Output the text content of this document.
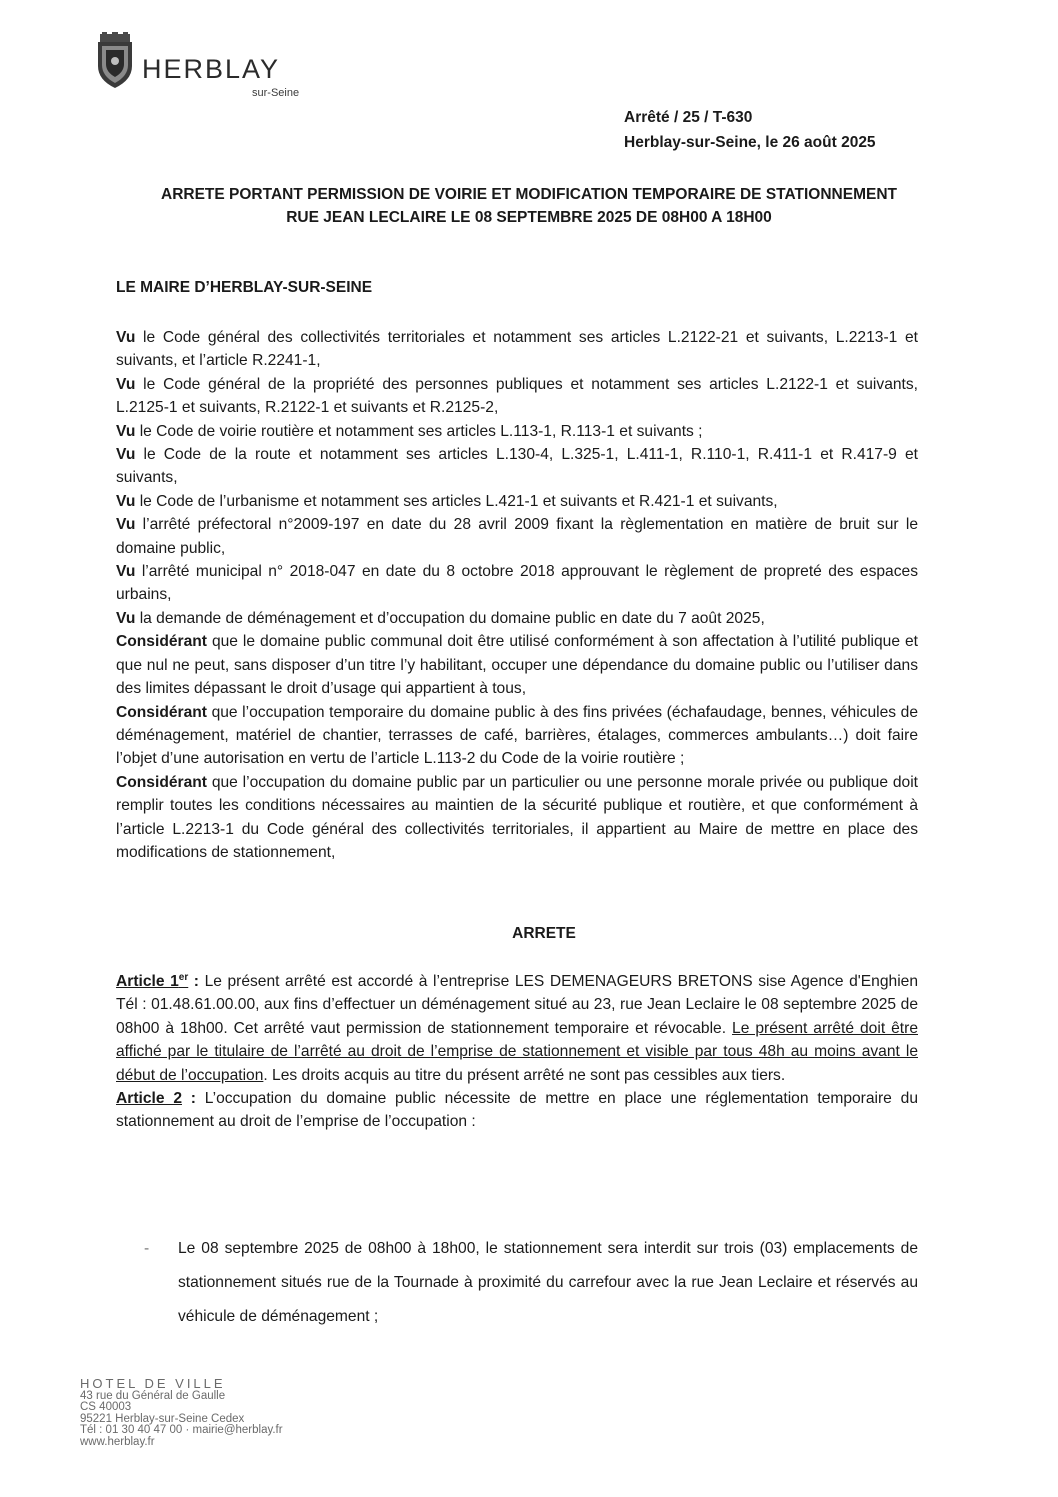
HERBLAY
sur-Seine
Arrêté / 25 / T-630
Herblay-sur-Seine, le 26 août 2025
ARRETE PORTANT PERMISSION DE VOIRIE ET MODIFICATION TEMPORAIRE DE STATIONNEMENT
RUE JEAN LECLAIRE LE 08 SEPTEMBRE 2025 DE 08H00 A 18H00
LE MAIRE D’HERBLAY-SUR-SEINE

Vu le Code général des collectivités territoriales et notamment ses articles L.2122-21 et suivants, L.2213-1 et suivants, et l’article R.2241-1,

Vu le Code général de la propriété des personnes publiques et notamment ses articles L.2122-1 et suivants, L.2125-1 et suivants, R.2122-1 et suivants et R.2125-2,

Vu le Code de voirie routière et notamment ses articles L.113-1, R.113-1 et suivants ;

Vu le Code de la route et notamment ses articles L.130-4, L.325-1, L.411-1, R.110-1, R.411-1 et R.417-9 et suivants,

Vu le Code de l’urbanisme et notamment ses articles L.421-1 et suivants et R.421-1 et suivants,

Vu l’arrêté préfectoral n°2009-197 en date du 28 avril 2009 fixant la règlementation en matière de bruit sur le domaine public,

Vu l’arrêté municipal n° 2018-047 en date du 8 octobre 2018 approuvant le règlement de propreté des espaces urbains,

Vu la demande de déménagement et d’occupation du domaine public en date du 7 août 2025,

Considérant que le domaine public communal doit être utilisé conformément à son affectation à l’utilité publique et que nul ne peut, sans disposer d’un titre l’y habilitant, occuper une dépendance du domaine public ou l’utiliser dans des limites dépassant le droit d’usage qui appartient à tous,

Considérant que l’occupation temporaire du domaine public à des fins privées (échafaudage, bennes, véhicules de déménagement, matériel de chantier, terrasses de café, barrières, étalages, commerces ambulants…) doit faire l’objet d’une autorisation en vertu de l’article L.113-2 du Code de la voirie routière ;

Considérant que l’occupation du domaine public par un particulier ou une personne morale privée ou publique doit remplir toutes les conditions nécessaires au maintien de la sécurité publique et routière, et que conformément à l’article L.2213-1 du Code général des collectivités territoriales, il appartient au Maire de mettre en place des modifications de stationnement,

ARRETE

Article 1er : Le présent arrêté est accordé à l’entreprise LES DEMENAGEURS BRETONS sise Agence d'Enghien Tél : 01.48.61.00.00, aux fins d’effectuer un déménagement situé au 23, rue Jean Leclaire le 08 septembre 2025 de 08h00 à 18h00. Cet arrêté vaut permission de stationnement temporaire et révocable. Le présent arrêté doit être affiché par le titulaire de l’arrêté au droit de l’emprise de stationnement et visible par tous 48h au moins avant le début de l’occupation. Les droits acquis au titre du présent arrêté ne sont pas cessibles aux tiers.

Article 2 : L’occupation du domaine public nécessite de mettre en place une réglementation temporaire du stationnement au droit de l’emprise de l’occupation :

- Le 08 septembre 2025 de 08h00 à 18h00, le stationnement sera interdit sur trois (03) emplacements de stationnement situés rue de la Tournade à proximité du carrefour avec la rue Jean Leclaire et réservés au véhicule de déménagement ;
HOTEL DE VILLE
43 rue du Général de Gaulle
CS 40003
95221 Herblay-sur-Seine Cedex
Tél : 01 30 40 47 00 · mairie@herblay.fr
www.herblay.fr
